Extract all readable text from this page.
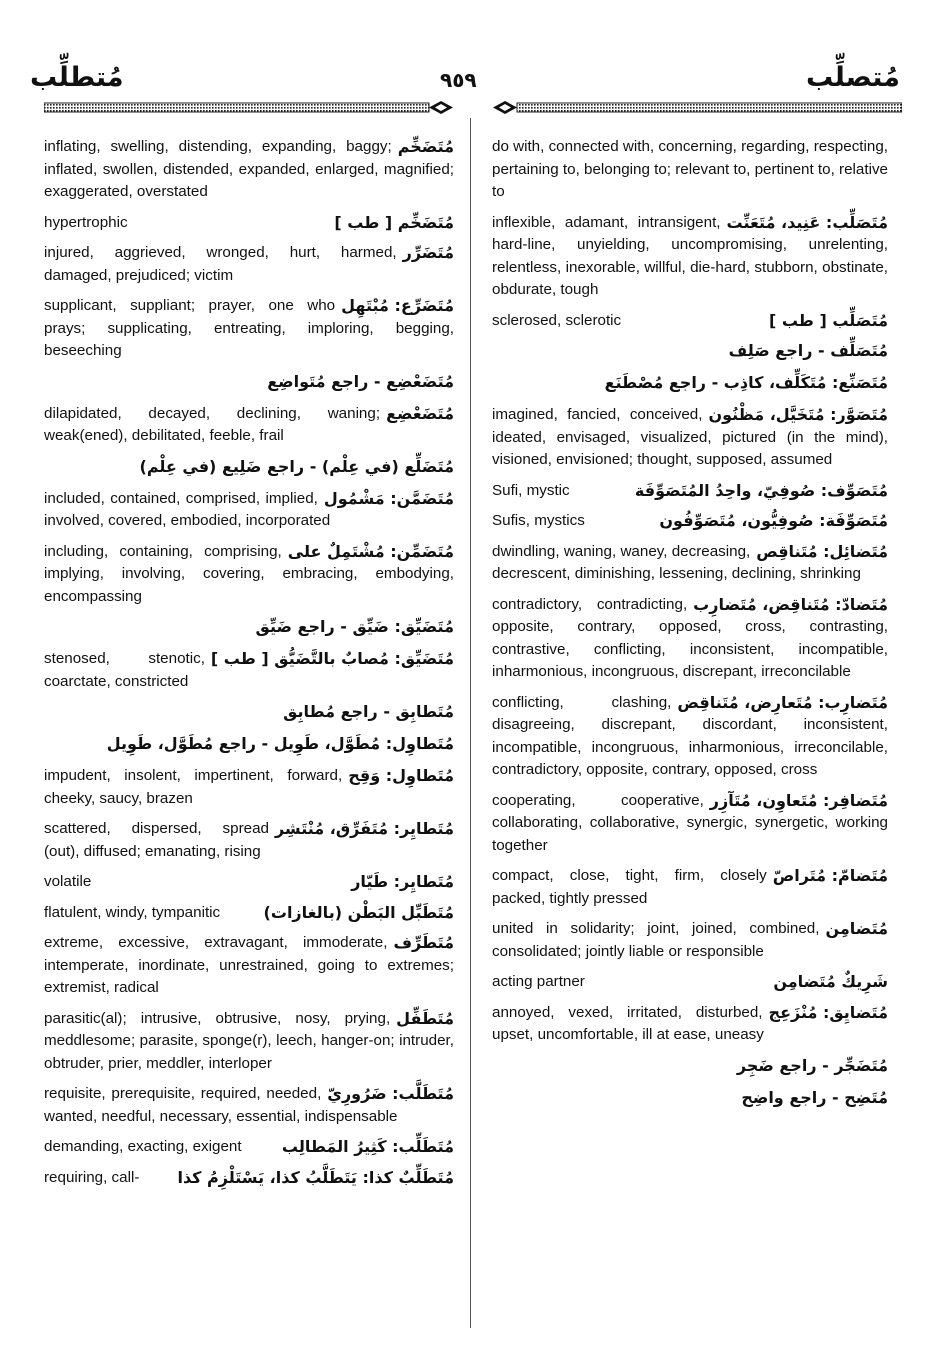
مُتطلِّب	٩٥٩	مُتصلِّب
مُتَضَخِّم
inflating, swelling, distending, expanding, baggy; inflated, swollen, distended, expanded, enlarged, magnified; exaggerated, overstated
مُتَضَخِّم [ طب ]
hypertrophic
مُتَضَرِّر
injured, aggrieved, wronged, hurt, harmed, damaged, prejudiced; victim
مُتَضَرِّع: مُبْتَهِل
supplicant, suppliant; prayer, one who prays; supplicating, entreating, imploring, begging, beseeching
مُتَضَعْضِع - راجع مُتَواضِع
مُتَضَعْضِع
dilapidated, decayed, declining, waning; weak(ened), debilitated, feeble, frail
مُتَضَلِّع (في عِلْم) - راجع ضَلِيع (في عِلْم)
مُتَضَمَّن: مَشْمُول
included, contained, comprised, implied, involved, covered, embodied, incorporated
مُتَضَمِّن: مُشْتَمِلٌ على
including, containing, comprising, implying, involving, covering, embracing, embodying, encompassing
مُتَضَيِّق: ضَيِّق - راجع ضَيِّق
مُتَضَيِّق: مُصابٌ بالتَّضَيُّق [ طب ]
stenosed, stenotic, coarctate, constricted
مُتَطابِق - راجع مُطابِق
مُتَطاوِل: مُطَوَّل، طَوِيل - راجع مُطَوَّل، طَوِيل
مُتَطاوِل: وَقِح
impudent, insolent, impertinent, forward, cheeky, saucy, brazen
مُتَطايِر: مُتَفَرِّق، مُنْتَشِر
scattered, dispersed, spread (out), diffused; emanating, rising
مُتَطايِر: طَيّار
volatile
مُتَطَبِّل البَطْن (بالغازات)
flatulent, windy, tympanitic
مُتَطَرِّف
extreme, excessive, extravagant, immoderate, intemperate, inordinate, unrestrained, going to extremes; extremist, radical
مُتَطَفِّل
parasitic(al); intrusive, obtrusive, nosy, prying, meddlesome; parasite, sponge(r), leech, hanger-on; intruder, obtruder, prier, meddler, interloper
مُتَطَلَّب: ضَرُورِيّ
requisite, prerequisite, required, needed, wanted, needful, necessary, essential, indispensable
مُتَطَلِّب: كَثِيرُ المَطالِب
demanding, exacting, exigent
مُتَطَلِّبٌ كذا: يَتَطَلَّبُ كذا، يَسْتَلْزِمُ كذا
requiring, call-
do with, connected with, concerning, regarding, respecting, pertaining to, belonging to; relevant to, pertinent to, relative to
مُتَصَلِّب: عَنِيد، مُتَعَنِّت
inflexible, adamant, intransigent, hard-line, unyielding, uncompromising, unrelenting, relentless, inexorable, willful, die-hard, stubborn, obstinate, obdurate, tough
مُتَصَلِّب [ طب ]
sclerosed, sclerotic
مُتَصَلِّف - راجع صَلِف
مُتَصَنِّع: مُتَكَلِّف، كاذِب - راجع مُصْطَنَع
مُتَصَوَّر: مُتَخَيَّل، مَظْنُون
imagined, fancied, conceived, ideated, envisaged, visualized, pictured (in the mind), visioned, envisioned; thought, supposed, assumed
مُتَصَوِّف: صُوفِيّ، واحِدُ المُتَصَوِّفَة
Sufi, mystic
مُتَصَوِّفَة: صُوفِيُّون، مُتَصَوِّفُون
Sufis, mystics
مُتَضائِل: مُتَناقِص
dwindling, waning, waney, decreasing, decrescent, diminishing, lessening, declining, shrinking
مُتَضادّ: مُتَناقِض، مُتَضارِب
contradictory, contradicting, opposite, contrary, opposed, cross, contrasting, contrastive, conflicting, inconsistent, incompatible, inharmonious, incongruous, discrepant, irreconcilable
مُتَضارِب: مُتَعارِض، مُتَناقِض
conflicting, clashing, disagreeing, discrepant, discordant, inconsistent, incompatible, incongruous, inharmonious, irreconcilable, contradictory, opposite, contrary, opposed, cross
مُتَضافِر: مُتَعاوِن، مُتَآزِر
cooperating, cooperative, collaborating, collaborative, synergic, synergetic, working together
مُتَضامّ: مُتَراصّ
compact, close, tight, firm, closely packed, tightly pressed
مُتَضامِن
united in solidarity; joint, joined, combined, consolidated; jointly liable or responsible
شَرِيكٌ مُتَضامِن
acting partner
مُتَضايِق: مُنْزَعِج
annoyed, vexed, irritated, disturbed, upset, uncomfortable, ill at ease, uneasy
مُتَضَجِّر - راجع ضَجِر
مُتَضِح - راجع واضِح
